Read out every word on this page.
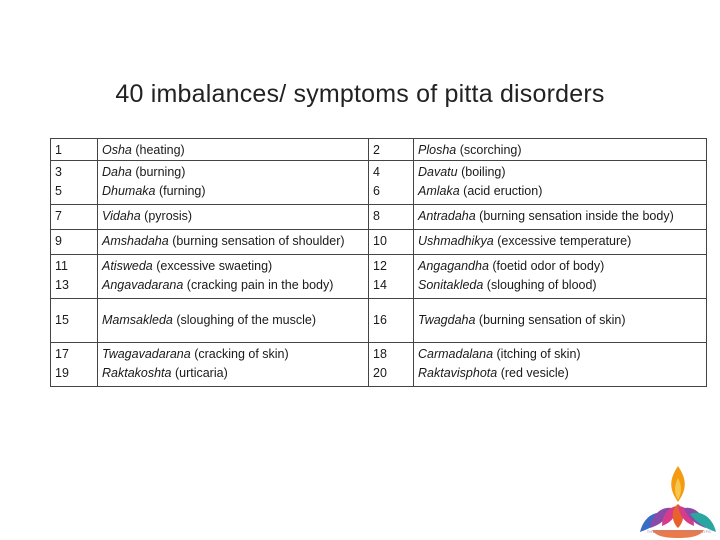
40 imbalances/ symptoms of pitta disorders
1	Osha (heating)	2	Plosha (scorching)
3	Daha (burning)	4	Davatu (boiling)
5	Dhumaka (furning)	6	Amlaka (acid eruction)
7	Vidaha (pyrosis)	8	Antradaha (burning sensation inside the body)
9	Amshadaha (burning sensation of shoulder)	10	Ushmadhikya (excessive temperature)
11	Atisweda (excessive swaeting)	12	Angagandha (foetid odor of body)
13	Angavadarana (cracking pain in the body)	14	Sonitakleda (sloughing of blood)
15	Mamsakleda (sloughing of the muscle)	16	Twagdaha (burning sensation of skin)
17	Twagavadarana (cracking of skin)	18	Carmadalana (itching of skin)
19	Raktakoshta (urticaria)	20	Raktavisphota (red vesicle)
THE PATH OF YOGA AND LIFE
